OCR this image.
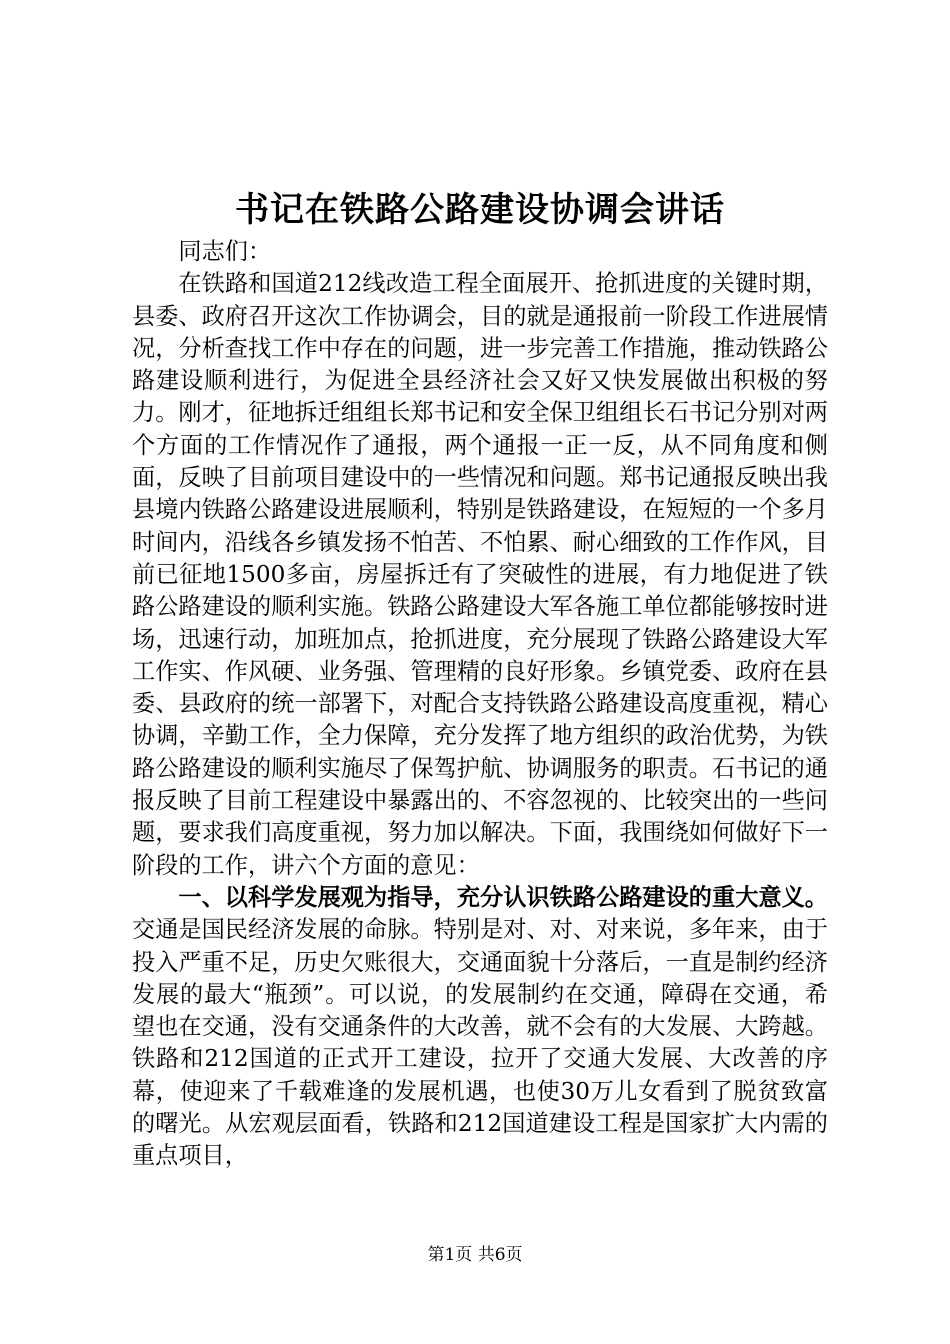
书记在铁路公路建设协调会讲话

同志们：

在铁路和国道212线改造工程全面展开、抢抓进度的关键时期，县委、政府召开这次工作协调会，目的就是通报前一阶段工作进展情况，分析查找工作中存在的问题，进一步完善工作措施，推动铁路公路建设顺利进行，为促进全县经济社会又好又快发展做出积极的努力。刚才，征地拆迁组组长郑书记和安全保卫组组长石书记分别对两个方面的工作情况作了通报，两个通报一正一反，从不同角度和侧面，反映了目前项目建设中的一些情况和问题。郑书记通报反映出我县境内铁路公路建设进展顺利，特别是铁路建设，在短短的一个多月时间内，沿线各乡镇发扬不怕苦、不怕累、耐心细致的工作作风，目前已征地1500多亩，房屋拆迁有了突破性的进展，有力地促进了铁路公路建设的顺利实施。铁路公路建设大军各施工单位都能够按时进场，迅速行动，加班加点，抢抓进度，充分展现了铁路公路建设大军工作实、作风硬、业务强、管理精的良好形象。乡镇党委、政府在县委、县政府的统一部署下，对配合支持铁路公路建设高度重视，精心协调，辛勤工作，全力保障，充分发挥了地方组织的政治优势，为铁路公路建设的顺利实施尽了保驾护航、协调服务的职责。石书记的通报反映了目前工程建设中暴露出的、不容忽视的、比较突出的一些问题，要求我们高度重视，努力加以解决。下面，我围绕如何做好下一阶段的工作，讲六个方面的意见：

一、以科学发展观为指导，充分认识铁路公路建设的重大意义。交通是国民经济发展的命脉。特别是对、对、对来说，多年来，由于投入严重不足，历史欠账很大，交通面貌十分落后，一直是制约经济发展的最大“瓶颈”。可以说，的发展制约在交通，障碍在交通，希望也在交通，没有交通条件的大改善，就不会有的大发展、大跨越。铁路和212国道的正式开工建设，拉开了交通大发展、大改善的序幕，使迎来了千载难逢的发展机遇，也使30万儿女看到了脱贫致富的曙光。从宏观层面看，铁路和212国道建设工程是国家扩大内需的重点项目，

第1页 共6页
